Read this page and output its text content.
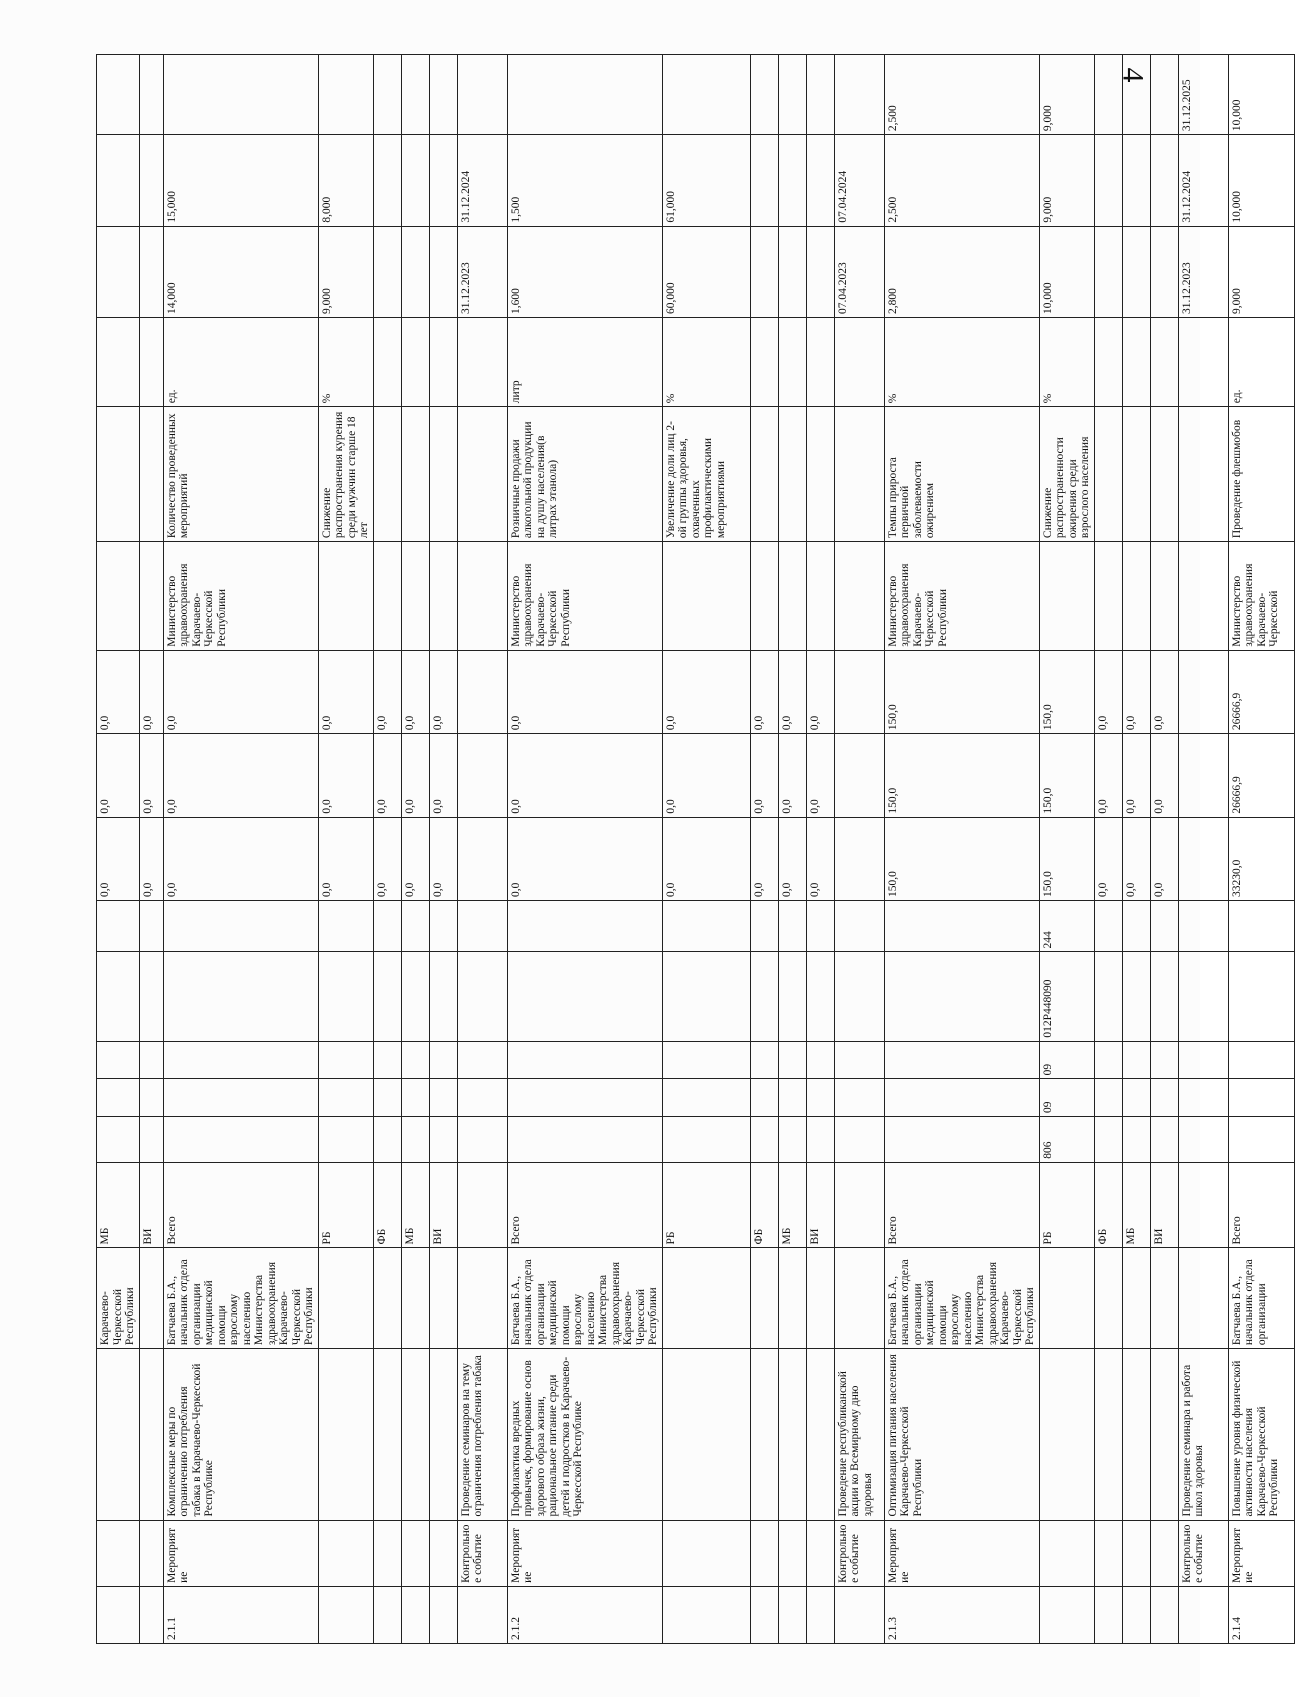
4
			Карачаево-Черкесской Республики	МБ						0,0	0,0	0,0						
				ВИ						0,0	0,0	0,0						
2.1.1	Мероприятие	Комплексные меры по ограничению потребления табака в Карачаево-Черкесской Республике	Батчаева Б.А., начальник отдела организации медицинской помощи взрослому населению Министерства здравоохранения Карачаево-Черкесской Республики	Всего						0,0	0,0	0,0	Министерство здравоохранения Карачаево-Черкесской Республики	Количество проведенных мероприятий	ед.	14,000	15,000	
				РБ						0,0	0,0	0,0		Снижение распространения курения среди мужчин старше 18 лет	%	9,000	8,000	
				ФБ						0,0	0,0	0,0						
				МБ						0,0	0,0	0,0						
				ВИ						0,0	0,0	0,0						
	Контрольное событие	Проведение семинаров на тему ограничения потребления табака														31.12.2023	31.12.2024	
2.1.2	Мероприятие	Профилактика вредных привычек, формирование основ здорового образа жизни, рациональное питание среди детей и подростков в Карачаево-Черкесской Республике	Батчаева Б.А., начальник отдела организации медицинской помощи взрослому населению Министерства здравоохранения Карачаево-Черкесской Республики	Всего						0,0	0,0	0,0	Министерство здравоохранения Карачаево-Черкесской Республики	Розничные продажи алкогольной продукции на душу населения(в литрах этанола)	литр	1,600	1,500	
				РБ						0,0	0,0	0,0		Увеличение доли лиц 2-ой группы здоровья, охваченных профилактическими мероприятиями	%	60,000	61,000	
				ФБ						0,0	0,0	0,0						
				МБ						0,0	0,0	0,0						
				ВИ						0,0	0,0	0,0						
	Контрольное событие	Проведение республиканской акции ко Всемирному дню здоровья														07.04.2023	07.04.2024	
2.1.3	Мероприятие	Оптимизация питания населения Карачаево-Черкесской Республики	Батчаева Б.А., начальник отдела организации медицинской помощи взрослому населению Министерства здравоохранения Карачаево-Черкесской Республики	Всего						150,0	150,0	150,0	Министерство здравоохранения Карачаево-Черкесской Республики	Темпы прироста первичной заболеваемости ожирением	%	2,800	2,500	2,500
				РБ	806	09	09	012P448090	244	150,0	150,0	150,0		Снижение распространенности ожирения среди взрослого населения	%	10,000	9,000	9,000
				ФБ						0,0	0,0	0,0						
				МБ						0,0	0,0	0,0						
				ВИ						0,0	0,0	0,0						
	Контрольное событие	Проведение семинара и работа школ здоровья														31.12.2023	31.12.2024	31.12.2025
2.1.4	Мероприятие	Повышение уровня физической активности населения Карачаево-Черкесской Республики	Батчаева Б.А., начальник отдела организации	Всего						33230,0	26666,9	26666,9	Министерство здравоохранения Карачаево-Черкесской	Проведение флешмобов	ед.	9,000	10,000	10,000
